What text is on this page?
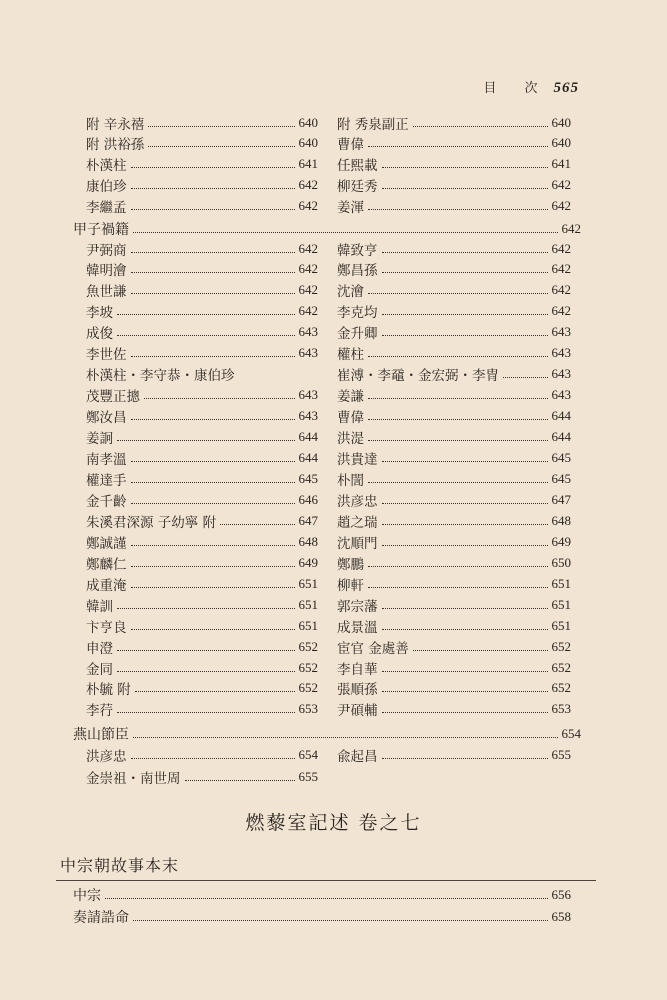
目 次 565
附 辛永禧	640 附 秀泉副正	640
附 洪裕孫	640 曹偉	640
朴漢柱	641 任熙載	641
康伯珍	642 柳廷秀	642
李繼孟	642 姜渾	642
甲子禍籍	642
尹弼商	642 韓致亨	642
韓明澮	642 鄭昌孫	642
魚世謙	642 沈澮	642
李坡	642 李克均	642
成俊	643 金升卿	643
李世佐	643 權柱	643
朴漢柱・李守恭・康伯珍	崔溥・李黿・金宏弼・李冑	643
茂豐正摠	643 姜謙	643
鄭汝昌	643 曹偉	644
姜詗	644 洪湜	644
南孝溫	644 洪貴達	645
權達手	645 朴誾	645
金千齡	646 洪彦忠	647
朱溪君深源 子幼寧 附	647 趙之瑞	648
鄭誠謹	648 沈順門	649
鄭麟仁	649 鄭鵬	650
成重淹	651 柳軒	651
韓訓	651 郭宗藩	651
卞亨良	651 成景溫	651
申澄	652 宦官 金處善	652
金同	652 李自華	652
朴毓 附	652 張順孫	652
李荇	653 尹碩輔	653
燕山節臣	654
洪彦忠	654 兪起昌	655
金崇祖・南世周	655
中宗	656
奏請誥命	658
燃藜室記述 卷之七
中宗朝故事本末
